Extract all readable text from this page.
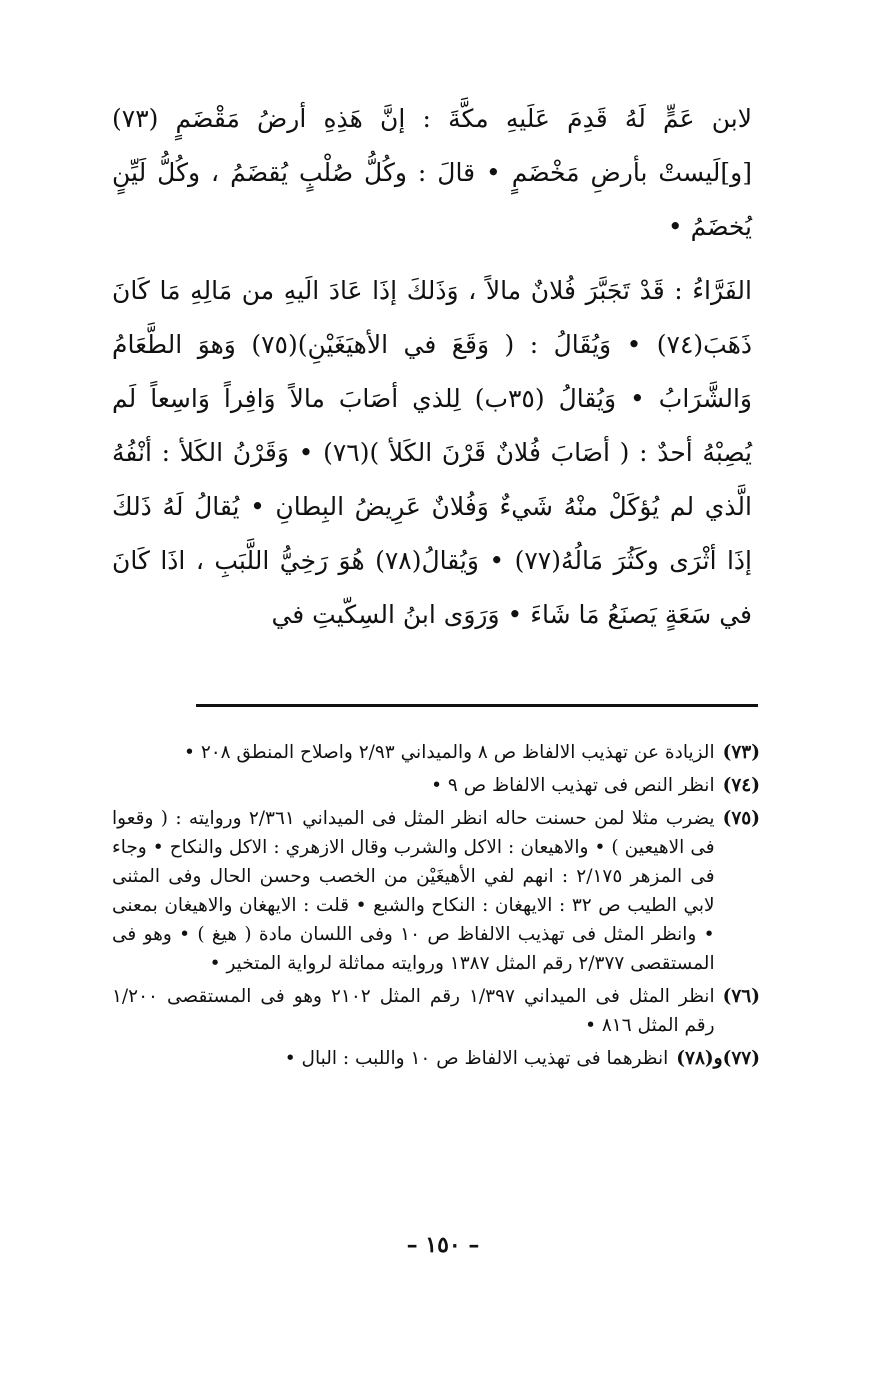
لابن عَمٍّ لَهُ قَدِمَ عَلَيهِ مكَّةَ : إنَّ هَذِهِ أرضُ مَقْضَمٍ (٧٣) [و]لَيستْ بأرضِ مَخْضَمٍ • قالَ : وكُلُّ صُلْبٍ يُقضَمُ ، وكُلُّ لَيِّنٍ يُخضَمُ •

الفَرَّاءُ : قَدْ تَجَبَّرَ فُلانٌ مالاً ، وَذَلكَ إذَا عَادَ الَيهِ من مَالِهِ مَا كَانَ ذَهَبَ(٧٤) • وَيُقَالُ : ( وَقَعَ في الأهيَغَيْنِ)(٧٥) وَهوَ الطَّعَامُ وَالشَّرَابُ • وَيُقالُ (٣٥ب) لِلذي أصَابَ مالاً وَافِراً وَاسِعاً لَم يُصِبْهُ أحدٌ : ( أصَابَ فُلانٌ قَرْنَ الكَلأ )(٧٦) • وَقَرْنُ الكَلأ : أنْفُهُ الَّذي لم يُؤكَلْ منْهُ شَيءٌ وَفُلانٌ عَرِيضُ البِطانِ • يُقالُ لَهُ ذَلكَ إذَا أثْرَى وكَثُرَ مَالُهُ(٧٧) • وَيُقالُ(٧٨) هُوَ رَخِيُّ اللَّبَبِ ، اذَا كَانَ في سَعَةٍ يَصنَعُ مَا شَاءَ • وَرَوَى ابنُ السِكّيتِ في

(٧٣)
الزيادة عن تهذيب الالفاظ ص ٨ والميداني ٢/٩٣ واصلاح المنطق ٢٠٨ •
(٧٤)
انظر النص فى تهذيب الالفاظ ص ٩ •
(٧٥)
يضرب مثلا لمن حسنت حاله انظر المثل فى الميداني ٢/٣٦١ وروايته : ( وقعوا فى الاهيعين ) • والاهيعان : الاكل والشرب وقال الازهري : الاكل والنكاح • وجاء فى المزهر ٢/١٧٥ : انهم لفي الأهيغَيْن من الخصب وحسن الحال وفى المثنى لابي الطيب ص ٣٢ : الايهغان : النكاح والشبع • قلت : الايهغان والاهيغان بمعنى • وانظر المثل فى تهذيب الالفاظ ص ١٠ وفى اللسان مادة ( هيغ ) • وهو فى المستقصى ٢/٣٧٧ رقم المثل ١٣٨٧ وروايته مماثلة لرواية المتخير •
(٧٦)
انظر المثل فى الميداني ١/٣٩٧ رقم المثل ٢١٠٢ وهو فى المستقصى ١/٢٠٠ رقم المثل ٨١٦ •
(٧٧)و(٧٨)
انظرهما فى تهذيب الالفاظ ص ١٠ واللبب : البال •
– ١٥٠ –
